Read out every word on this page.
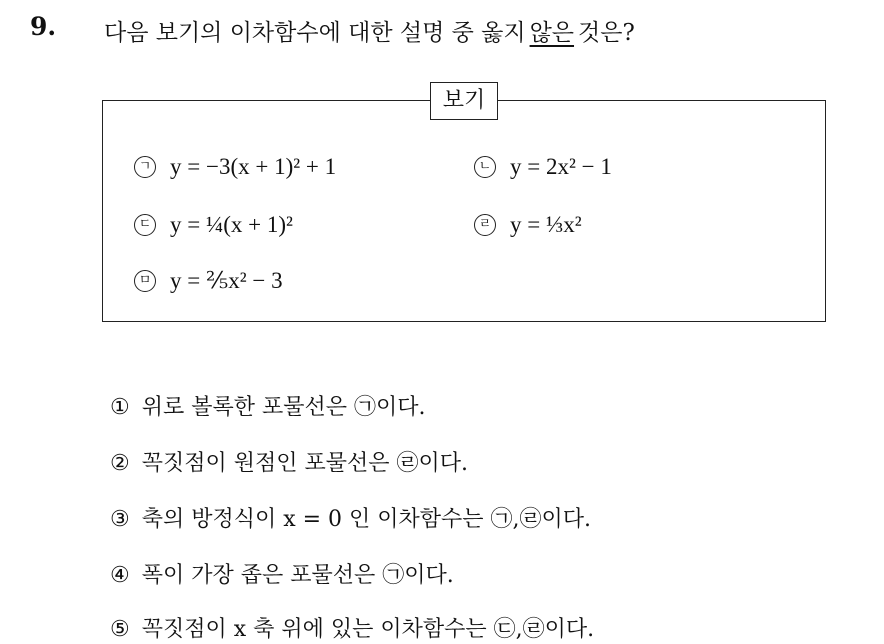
9. 다음 보기의 이차함수에 대한 설명 중 옳지 않은 것은?
보기
ㄱ y = −3(x + 1)² + 1	ㄴ y = 2x² − 1
ㄷ y = ¼(x + 1)²	ㄹ y = ⅓x²
ㅁ y = ⅖x² − 3
① 위로 볼록한 포물선은 ㉠이다.
② 꼭짓점이 원점인 포물선은 ㉣이다.
③ 축의 방정식이 x = 0 인 이차함수는 ㉠,㉣이다.
④ 폭이 가장 좁은 포물선은 ㉠이다.
⑤ 꼭짓점이 x 축 위에 있는 이차함수는 ㉢,㉣이다.
